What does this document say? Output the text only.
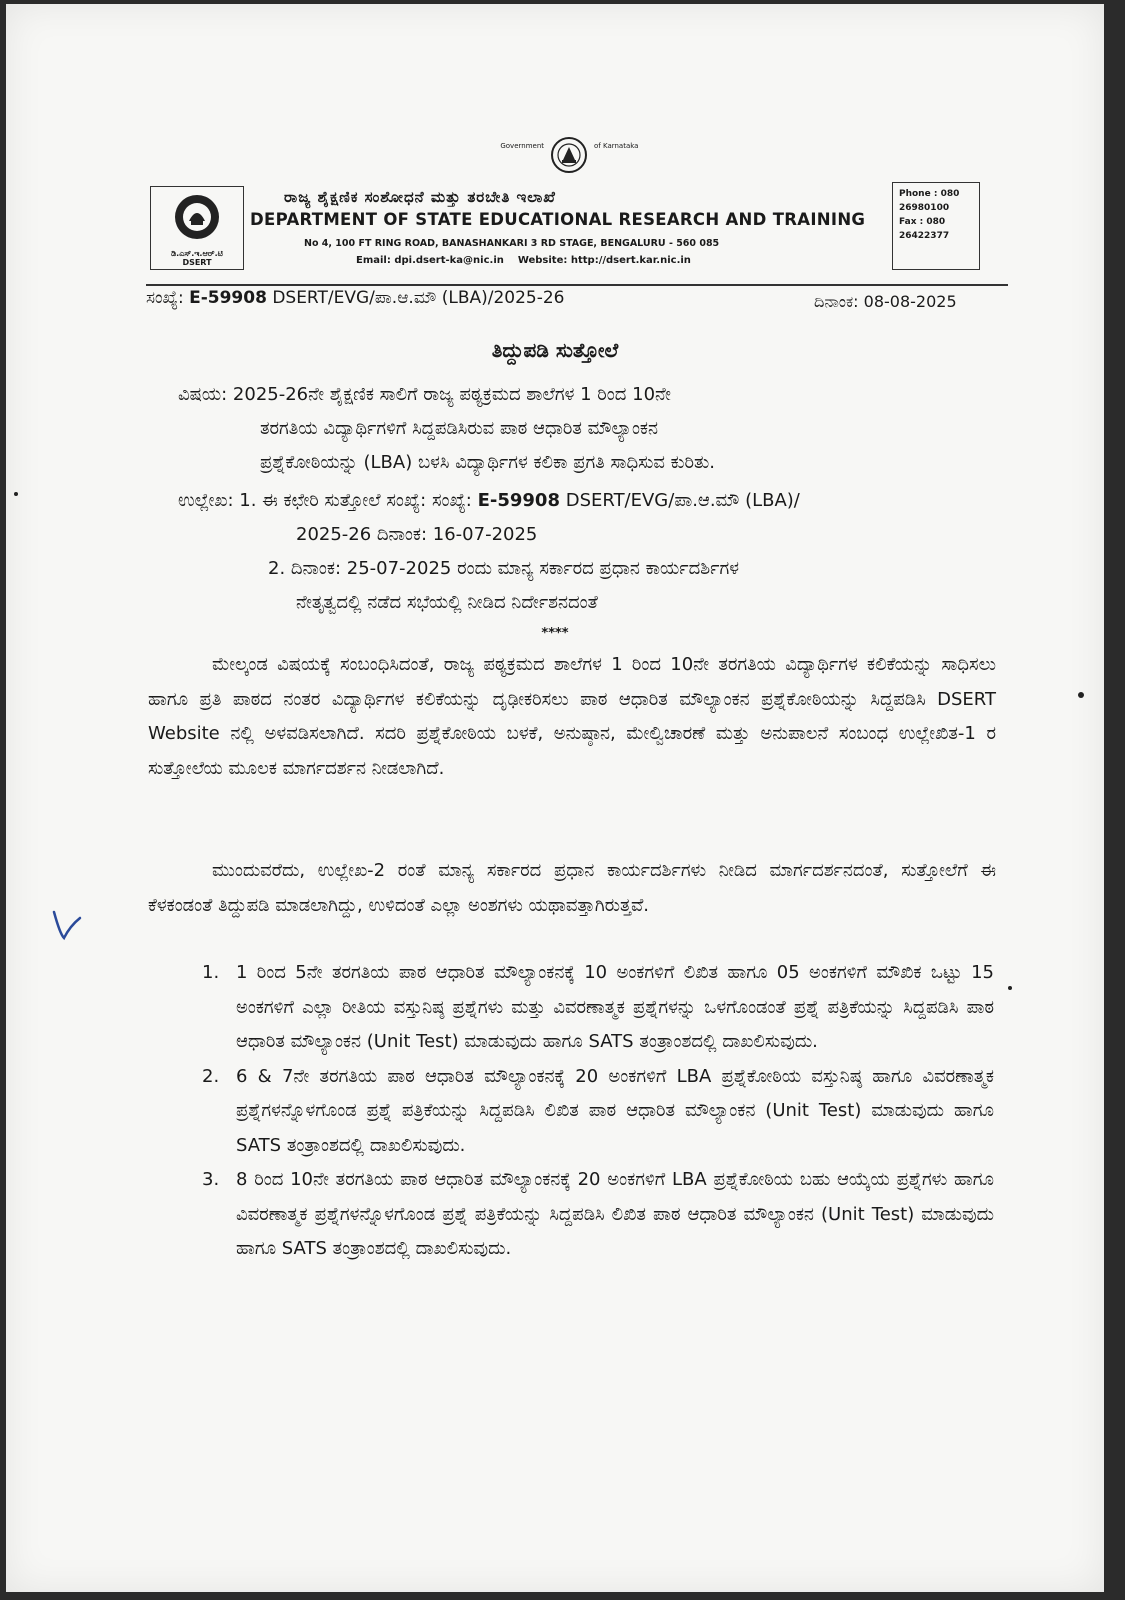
Government	of Karnataka
ಡಿ.ಎಸ್.ಇ.ಆರ್.ಟಿ
DSERT
ರಾಜ್ಯ ಶೈಕ್ಷಣಿಕ ಸಂಶೋಧನೆ ಮತ್ತು ತರಬೇತಿ ಇಲಾಖೆ
DEPARTMENT OF STATE EDUCATIONAL RESEARCH AND TRAINING
No 4, 100 FT RING ROAD, BANASHANKARI 3 RD STAGE, BENGALURU - 560 085
Email: dpi.dsert-ka@nic.in Website: http://dsert.kar.nic.in
Phone : 080
26980100
Fax : 080
26422377
ಸಂಖ್ಯೆ: E-59908 DSERT/EVG/ಪಾ.ಆ.ಮೌ (LBA)/2025-26	ದಿನಾಂಕ: 08-08-2025
ತಿದ್ದುಪಡಿ ಸುತ್ತೋಲೆ
ವಿಷಯ: 2025-26ನೇ ಶೈಕ್ಷಣಿಕ ಸಾಲಿಗೆ ರಾಜ್ಯ ಪಠ್ಯಕ್ರಮದ ಶಾಲೆಗಳ 1 ರಿಂದ 10ನೇ
ತರಗತಿಯ ವಿದ್ಯಾರ್ಥಿಗಳಿಗೆ ಸಿದ್ದಪಡಿಸಿರುವ ಪಾಠ ಆಧಾರಿತ ಮೌಲ್ಯಾಂಕನ
ಪ್ರಶ್ನೆಕೋಠಿಯನ್ನು (LBA) ಬಳಸಿ ವಿದ್ಯಾರ್ಥಿಗಳ ಕಲಿಕಾ ಪ್ರಗತಿ ಸಾಧಿಸುವ ಕುರಿತು.
ಉಲ್ಲೇಖ: 1. ಈ ಕಛೇರಿ ಸುತ್ತೋಲೆ ಸಂಖ್ಯೆ: ಸಂಖ್ಯೆ: E-59908 DSERT/EVG/ಪಾ.ಆ.ಮೌ (LBA)/
2025-26 ದಿನಾಂಕ: 16-07-2025
2. ದಿನಾಂಕ: 25-07-2025 ರಂದು ಮಾನ್ಯ ಸರ್ಕಾರದ ಪ್ರಧಾನ ಕಾರ್ಯದರ್ಶಿಗಳ
ನೇತೃತ್ವದಲ್ಲಿ ನಡೆದ ಸಭೆಯಲ್ಲಿ ನೀಡಿದ ನಿರ್ದೇಶನದಂತೆ
****
ಮೇಲ್ಕಂಡ ವಿಷಯಕ್ಕೆ ಸಂಬಂಧಿಸಿದಂತೆ, ರಾಜ್ಯ ಪಠ್ಯಕ್ರಮದ ಶಾಲೆಗಳ 1 ರಿಂದ 10ನೇ ತರಗತಿಯ ವಿದ್ಯಾರ್ಥಿಗಳ ಕಲಿಕೆಯನ್ನು ಸಾಧಿಸಲು ಹಾಗೂ ಪ್ರತಿ ಪಾಠದ ನಂತರ ವಿದ್ಯಾರ್ಥಿಗಳ ಕಲಿಕೆಯನ್ನು ದೃಢೀಕರಿಸಲು ಪಾಠ ಆಧಾರಿತ ಮೌಲ್ಯಾಂಕನ ಪ್ರಶ್ನೆಕೋಠಿಯನ್ನು ಸಿದ್ದಪಡಿಸಿ DSERT Website ನಲ್ಲಿ ಅಳವಡಿಸಲಾಗಿದೆ. ಸದರಿ ಪ್ರಶ್ನೆಕೋಠಿಯ ಬಳಕೆ, ಅನುಷ್ಠಾನ, ಮೇಲ್ವಿಚಾರಣೆ ಮತ್ತು ಅನುಪಾಲನೆ ಸಂಬಂಧ ಉಲ್ಲೇಖಿತ-1 ರ ಸುತ್ತೋಲೆಯ ಮೂಲಕ ಮಾರ್ಗದರ್ಶನ ನೀಡಲಾಗಿದೆ.
ಮುಂದುವರೆದು, ಉಲ್ಲೇಖ-2 ರಂತೆ ಮಾನ್ಯ ಸರ್ಕಾರದ ಪ್ರಧಾನ ಕಾರ್ಯದರ್ಶಿಗಳು ನೀಡಿದ ಮಾರ್ಗದರ್ಶನದಂತೆ, ಸುತ್ತೋಲೆಗೆ ಈ ಕೆಳಕಂಡಂತೆ ತಿದ್ದುಪಡಿ ಮಾಡಲಾಗಿದ್ದು, ಉಳಿದಂತೆ ಎಲ್ಲಾ ಅಂಶಗಳು ಯಥಾವತ್ತಾಗಿರುತ್ತವೆ.
1. 1 ರಿಂದ 5ನೇ ತರಗತಿಯ ಪಾಠ ಆಧಾರಿತ ಮೌಲ್ಯಾಂಕನಕ್ಕೆ 10 ಅಂಕಗಳಿಗೆ ಲಿಖಿತ ಹಾಗೂ 05 ಅಂಕಗಳಿಗೆ ಮೌಖಿಕ ಒಟ್ಟು 15 ಅಂಕಗಳಿಗೆ ಎಲ್ಲಾ ರೀತಿಯ ವಸ್ತುನಿಷ್ಠ ಪ್ರಶ್ನೆಗಳು ಮತ್ತು ವಿವರಣಾತ್ಮಕ ಪ್ರಶ್ನೆಗಳನ್ನು ಒಳಗೊಂಡಂತೆ ಪ್ರಶ್ನೆ ಪತ್ರಿಕೆಯನ್ನು ಸಿದ್ದಪಡಿಸಿ ಪಾಠ ಆಧಾರಿತ ಮೌಲ್ಯಾಂಕನ (Unit Test) ಮಾಡುವುದು ಹಾಗೂ SATS ತಂತ್ರಾಂಶದಲ್ಲಿ ದಾಖಲಿಸುವುದು.
2. 6 & 7ನೇ ತರಗತಿಯ ಪಾಠ ಆಧಾರಿತ ಮೌಲ್ಯಾಂಕನಕ್ಕೆ 20 ಅಂಕಗಳಿಗೆ LBA ಪ್ರಶ್ನೆಕೋಠಿಯ ವಸ್ತುನಿಷ್ಠ ಹಾಗೂ ವಿವರಣಾತ್ಮಕ ಪ್ರಶ್ನೆಗಳನ್ನೊಳಗೊಂಡ ಪ್ರಶ್ನೆ ಪತ್ರಿಕೆಯನ್ನು ಸಿದ್ದಪಡಿಸಿ ಲಿಖಿತ ಪಾಠ ಆಧಾರಿತ ಮೌಲ್ಯಾಂಕನ (Unit Test) ಮಾಡುವುದು ಹಾಗೂ SATS ತಂತ್ರಾಂಶದಲ್ಲಿ ದಾಖಲಿಸುವುದು.
3. 8 ರಿಂದ 10ನೇ ತರಗತಿಯ ಪಾಠ ಆಧಾರಿತ ಮೌಲ್ಯಾಂಕನಕ್ಕೆ 20 ಅಂಕಗಳಿಗೆ LBA ಪ್ರಶ್ನೆಕೋಠಿಯ ಬಹು ಆಯ್ಕೆಯ ಪ್ರಶ್ನೆಗಳು ಹಾಗೂ ವಿವರಣಾತ್ಮಕ ಪ್ರಶ್ನೆಗಳನ್ನೊಳಗೊಂಡ ಪ್ರಶ್ನೆ ಪತ್ರಿಕೆಯನ್ನು ಸಿದ್ದಪಡಿಸಿ ಲಿಖಿತ ಪಾಠ ಆಧಾರಿತ ಮೌಲ್ಯಾಂಕನ (Unit Test) ಮಾಡುವುದು ಹಾಗೂ SATS ತಂತ್ರಾಂಶದಲ್ಲಿ ದಾಖಲಿಸುವುದು.
